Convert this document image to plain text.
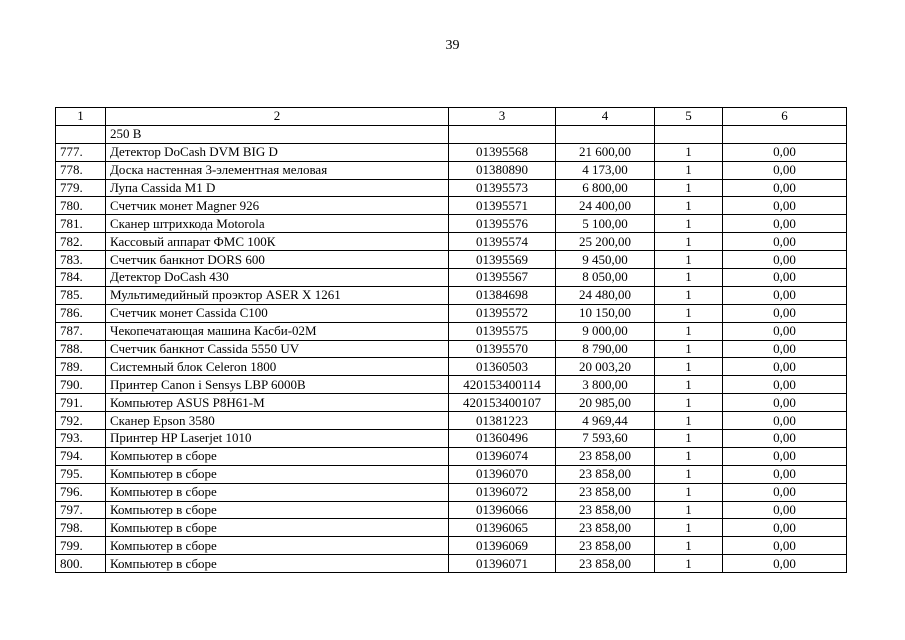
39
1	2	3	4	5	6
	250 В				
777.	Детектор DoCash DVM BIG D	01395568	21 600,00	1	0,00
778.	Доска настенная 3-элементная меловая	01380890	4 173,00	1	0,00
779.	Лупа Cassida M1 D	01395573	6 800,00	1	0,00
780.	Счетчик монет Magner 926	01395571	24 400,00	1	0,00
781.	Сканер штрихкода Motorola	01395576	5 100,00	1	0,00
782.	Кассовый аппарат ФМС 100К	01395574	25 200,00	1	0,00
783.	Счетчик банкнот DORS 600	01395569	9 450,00	1	0,00
784.	Детектор DoCash 430	01395567	8 050,00	1	0,00
785.	Мультимедийный проэктор ASER X 1261	01384698	24 480,00	1	0,00
786.	Счетчик монет Cassida C100	01395572	10 150,00	1	0,00
787.	Чекопечатающая машина Касби-02М	01395575	9 000,00	1	0,00
788.	Счетчик банкнот Cassida 5550 UV	01395570	8 790,00	1	0,00
789.	Системный блок Celeron 1800	01360503	20 003,20	1	0,00
790.	Принтер Canon i Sensys LBP 6000B	420153400114	3 800,00	1	0,00
791.	Компьютер ASUS P8H61-M	420153400107	20 985,00	1	0,00
792.	Сканер Epson 3580	01381223	4 969,44	1	0,00
793.	Принтер HP Laserjet 1010	01360496	7 593,60	1	0,00
794.	Компьютер в сборе	01396074	23 858,00	1	0,00
795.	Компьютер в сборе	01396070	23 858,00	1	0,00
796.	Компьютер в сборе	01396072	23 858,00	1	0,00
797.	Компьютер в сборе	01396066	23 858,00	1	0,00
798.	Компьютер в сборе	01396065	23 858,00	1	0,00
799.	Компьютер в сборе	01396069	23 858,00	1	0,00
800.	Компьютер в сборе	01396071	23 858,00	1	0,00
